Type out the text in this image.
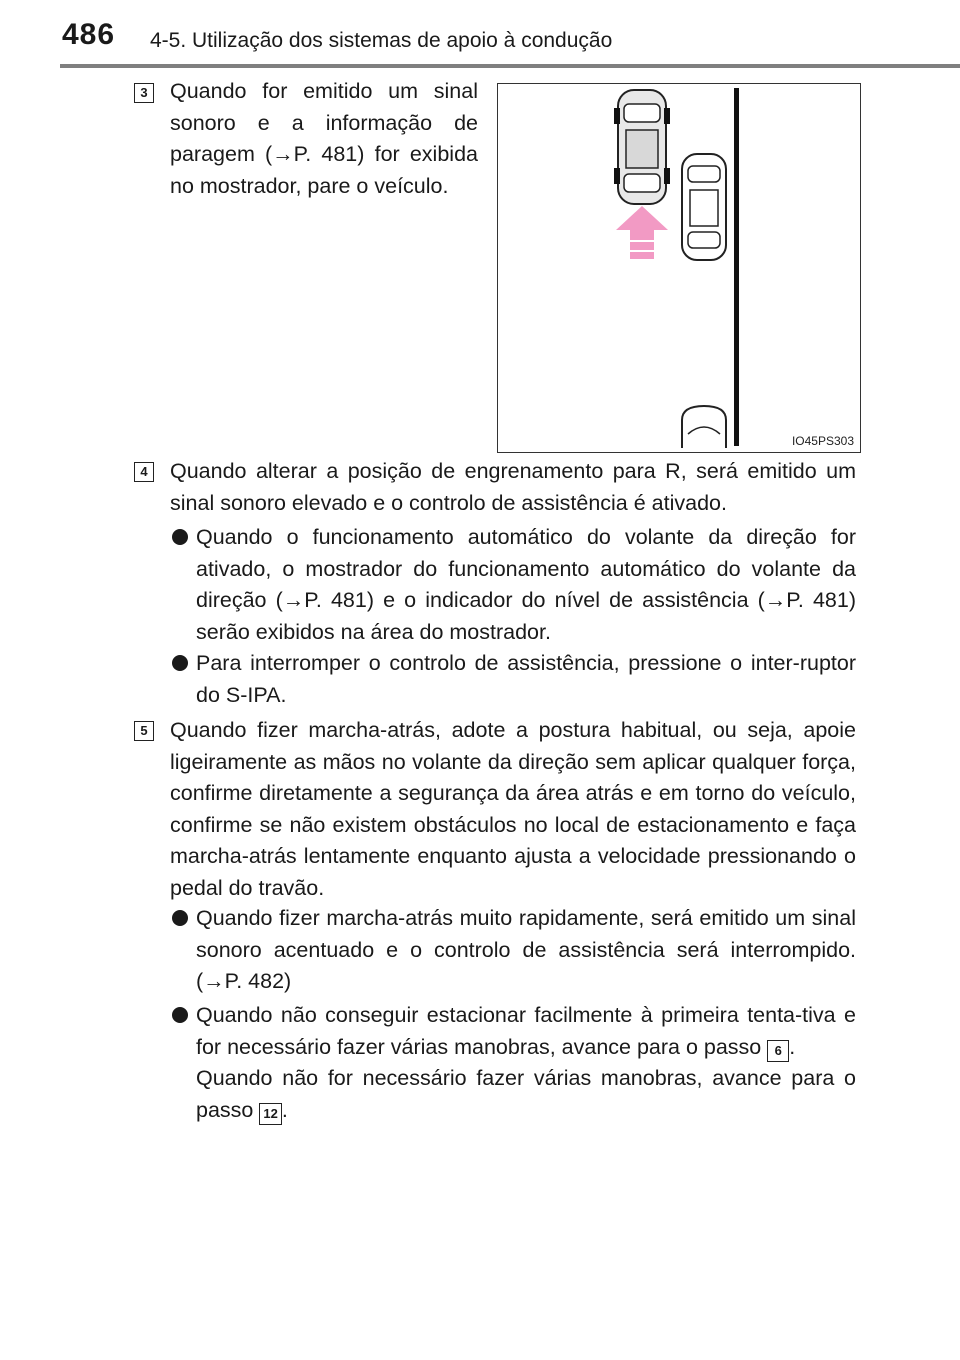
486 4-5. Utilização dos sistemas de apoio à condução
3 Quando for emitido um sinal sonoro e a informação de paragem (→P. 481) for exibida no mostrador, pare o veículo.

IO45PS303
4 Quando alterar a posição de engrenamento para R, será emitido um sinal sonoro elevado e o controlo de assistência é ativado.

Quando o funcionamento automático do volante da direção for ativado, o mostrador do funcionamento automático do volante da direção (→P. 481) e o indicador do nível de assistência (→P. 481) serão exibidos na área do mostrador.

Para interromper o controlo de assistência, pressione o inter-ruptor do S-IPA.

5 Quando fizer marcha-atrás, adote a postura habitual, ou seja, apoie ligeiramente as mãos no volante da direção sem aplicar qualquer força, confirme diretamente a segurança da área atrás e em torno do veículo, confirme se não existem obstáculos no local de estacionamento e faça marcha-atrás lentamente enquanto ajusta a velocidade pressionando o pedal do travão.

Quando fizer marcha-atrás muito rapidamente, será emitido um sinal sonoro acentuado e o controlo de assistência será interrompido. (→P. 482)

Quando não conseguir estacionar facilmente à primeira tenta-tiva e for necessário fazer várias manobras, avance para o passo 6 .
Quando não for necessário fazer várias manobras, avance para o passo 12 .
